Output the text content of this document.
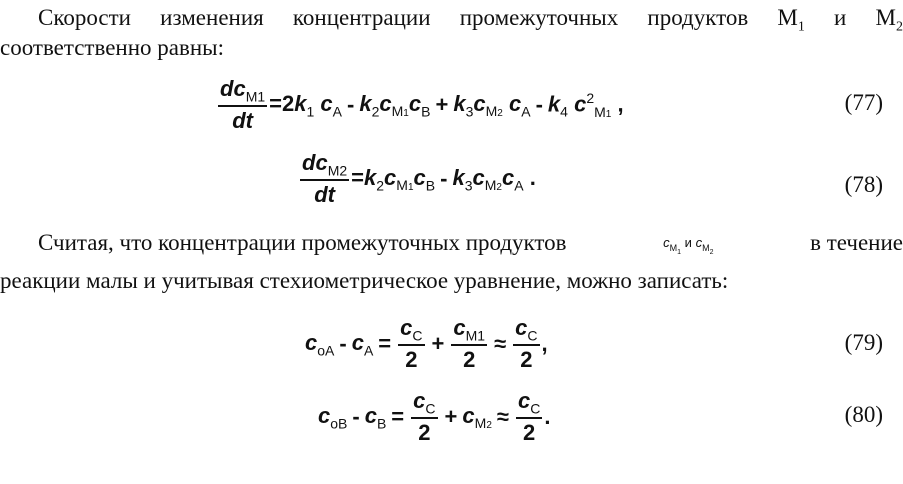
Скорости изменения концентрации промежуточных продуктов $М_1$ и $М_2$
соответственно равны:
$\frac{dc_{M1}}{dt} =2k_1$ $c_A - k_2c_{M1}c_B + k_3c_{M2}$ $c_A - k_4$ $c^2_{M1}$ ,	(77)
$\frac{dc_{M2}}{dt} =k_2c_{M1}c_B - k_3c_{M2}c_A$ .	(78)
Считая, что концентрации промежуточных продуктов	$c_{M_1}$ и $c_{M_2}$	в течение
реакции малы и учитывая стехиометрическое уравнение, можно записать:
$c_{oA} - c_A = \frac{c_C}{2} + \frac{c_{M1}}{2} \approx \frac{c_C}{2}$ ,	(79)
$c_{oB} - c_B = \frac{c_C}{2} + c_{M2} \approx \frac{c_C}{2}$ .	(80)
